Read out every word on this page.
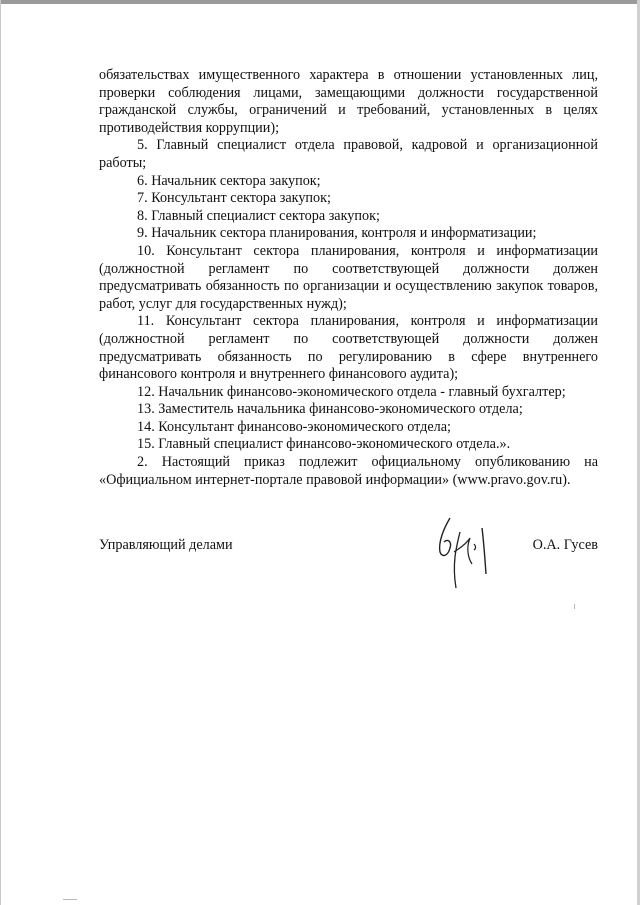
обязательствах имущественного характера в отношении установленных лиц, проверки соблюдения лицами, замещающими должности государственной гражданской службы, ограничений и требований, установленных в целях противодействия коррупции);

5. Главный специалист отдела правовой, кадровой и организационной работы;

6. Начальник сектора закупок;

7. Консультант сектора закупок;

8. Главный специалист сектора закупок;

9. Начальник сектора планирования, контроля и информатизации;

10. Консультант сектора планирования, контроля и информатизации (должностной регламент по соответствующей должности должен предусматривать обязанность по организации и осуществлению закупок товаров, работ, услуг для государственных нужд);

11. Консультант сектора планирования, контроля и информатизации (должностной регламент по соответствующей должности должен предусматривать обязанность по регулированию в сфере внутреннего финансового контроля и внутреннего финансового аудита);

12. Начальник финансово-экономического отдела - главный бухгалтер;

13. Заместитель начальника финансово-экономического отдела;

14. Консультант финансово-экономического отдела;

15. Главный специалист финансово-экономического отдела.».

2. Настоящий приказ подлежит официальному опубликованию на «Официальном интернет-портале правовой информации» (www.pravo.gov.ru).

Управляющий делами	О.А. Гусев
